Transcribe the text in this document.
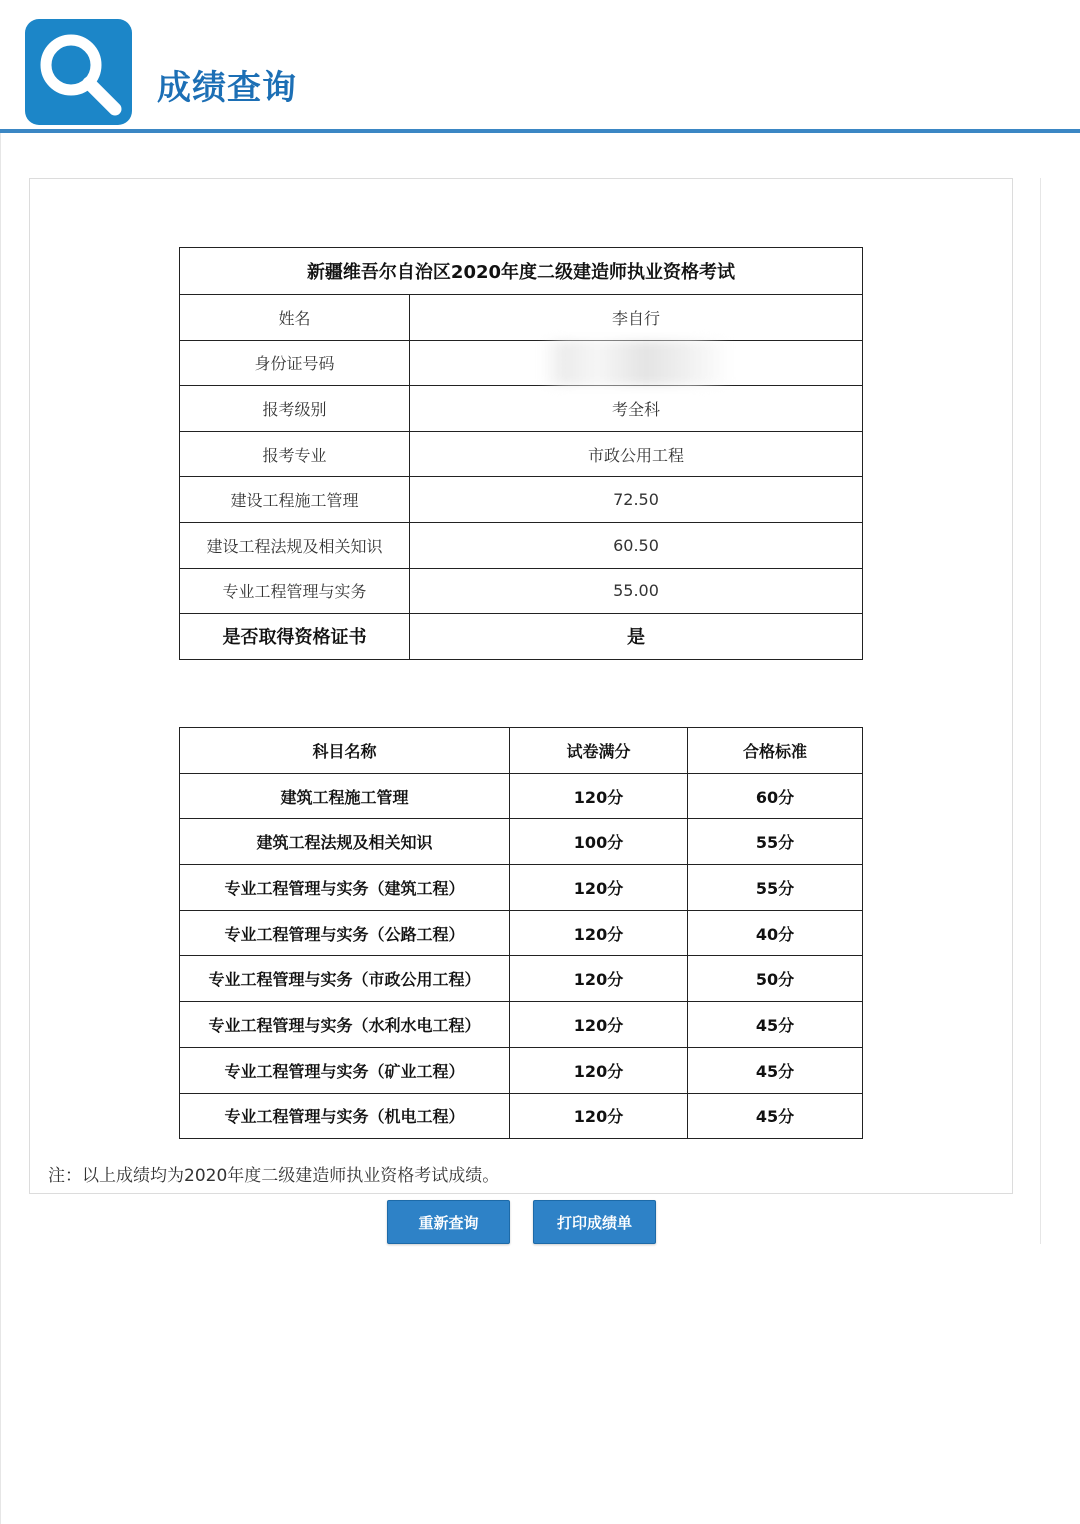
成绩查询
新疆维吾尔自治区2020年度二级建造师执业资格考试	
姓名	李自行
身份证号码	
报考级别	考全科
报考专业	市政公用工程
建设工程施工管理	72.50
建设工程法规及相关知识	60.50
专业工程管理与实务	55.00
是否取得资格证书	是
科目名称	试卷满分	合格标准
建筑工程施工管理	120分	60分
建筑工程法规及相关知识	100分	55分
专业工程管理与实务（建筑工程）	120分	55分
专业工程管理与实务（公路工程）	120分	40分
专业工程管理与实务（市政公用工程）	120分	50分
专业工程管理与实务（水利水电工程）	120分	45分
专业工程管理与实务（矿业工程）	120分	45分
专业工程管理与实务（机电工程）	120分	45分
注：以上成绩均为2020年度二级建造师执业资格考试成绩。
重新查询	打印成绩单
